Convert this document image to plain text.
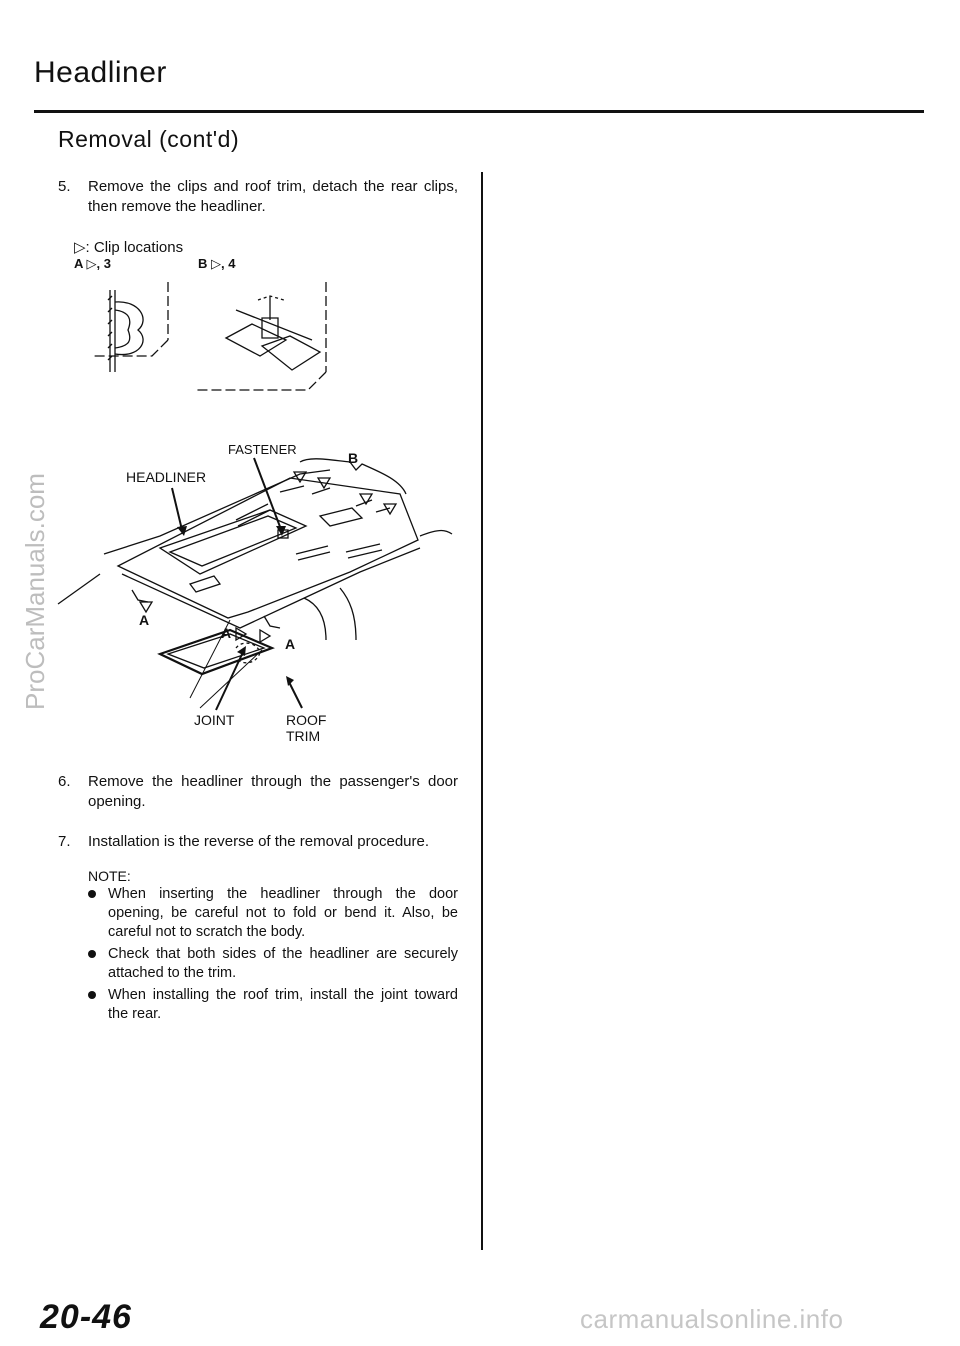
Headliner
Removal (cont'd)
5. Remove the clips and roof trim, detach the rear clips, then remove the headliner.
▷: Clip locations
A ▷, 3	B ▷, 4
FASTENER
HEADLINER
B
A
A
A
JOINT	ROOF
TRIM
6. Remove the headliner through the passenger's door opening.
7. Installation is the reverse of the removal procedure.
NOTE:
When inserting the headliner through the door opening, be careful not to fold or bend it. Also, be careful not to scratch the body.
Check that both sides of the headliner are securely attached to the trim.
When installing the roof trim, install the joint toward the rear.
20-46
ProCarManuals.com
carmanualsonline.info
